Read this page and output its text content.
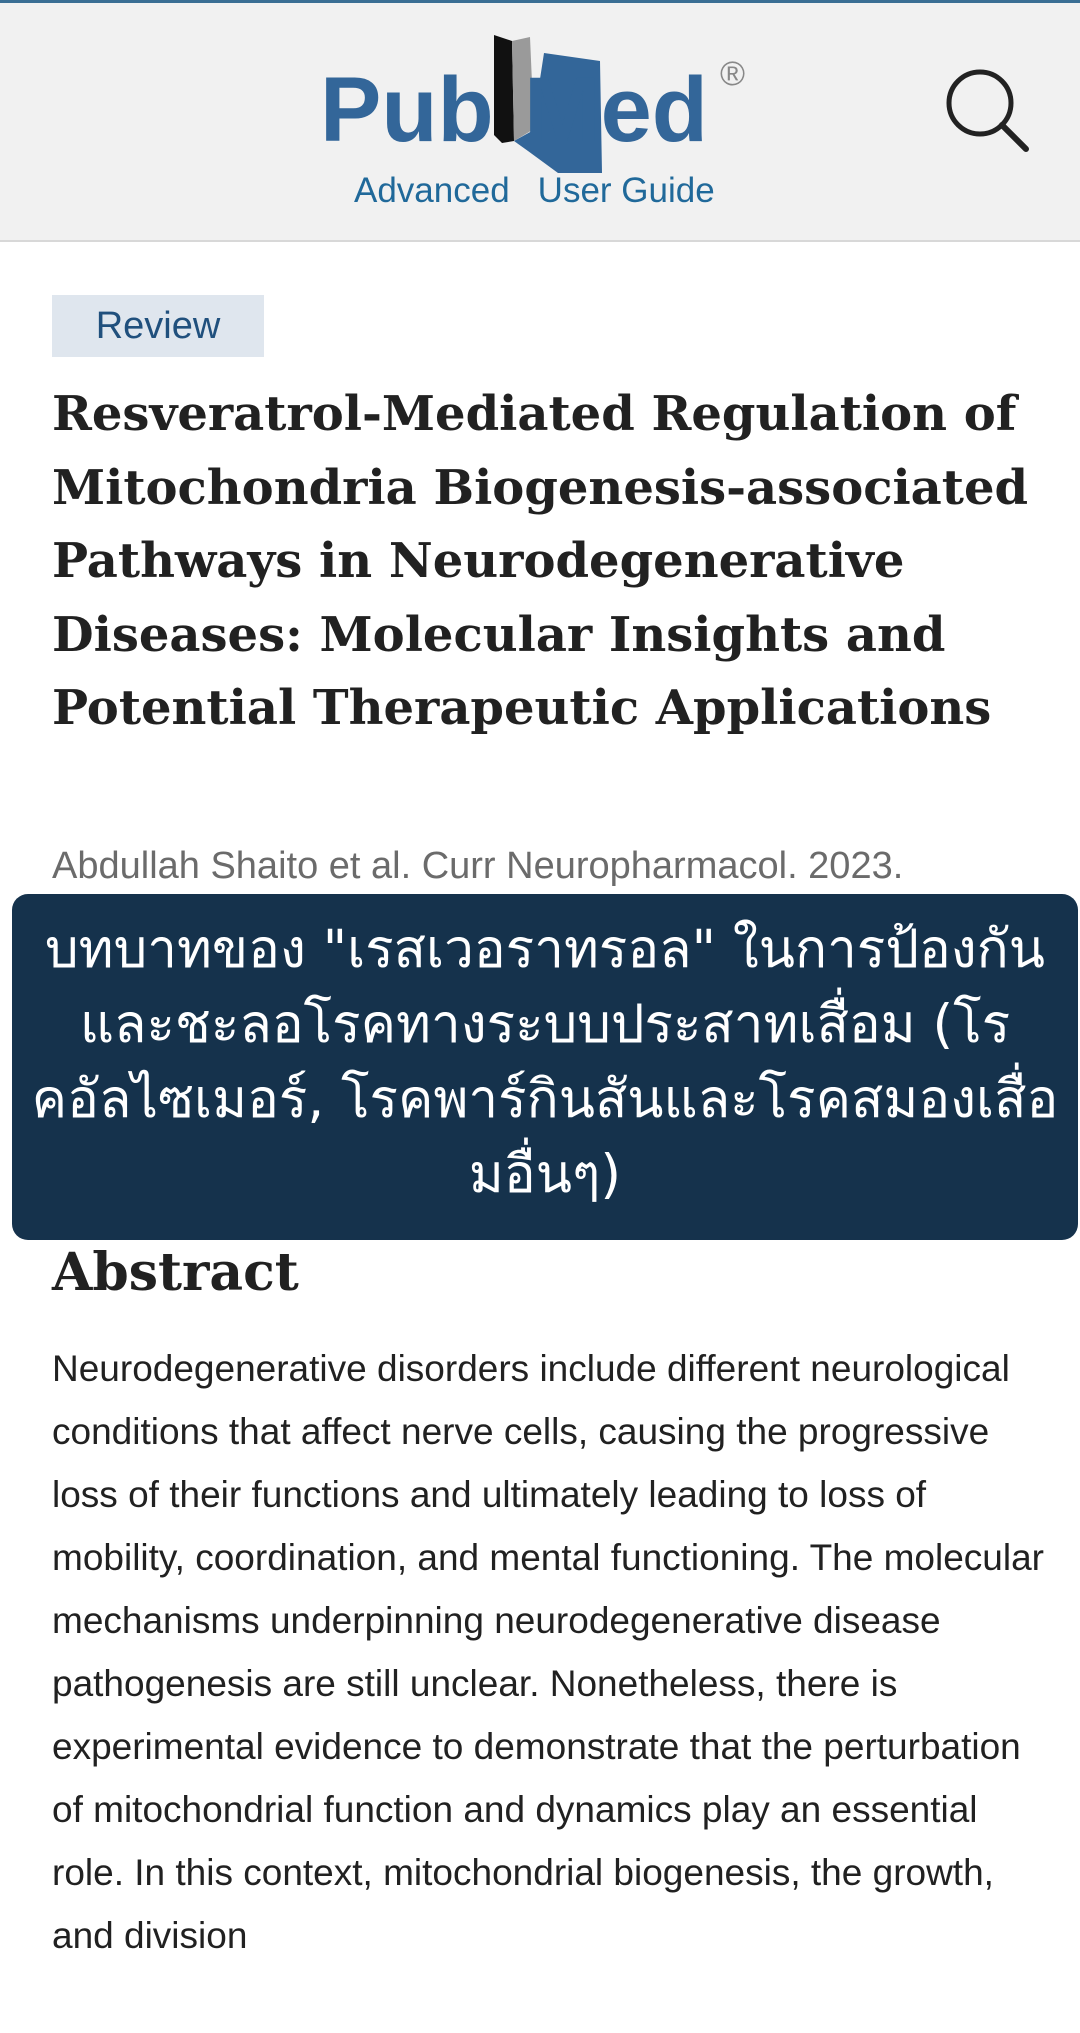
Pub Med ®
Advanced User Guide
Review
Resveratrol-Mediated Regulation of Mitochondria Biogenesis-associated Pathways in Neurodegenerative Diseases: Molecular Insights and Potential Therapeutic Applications
Abdullah Shaito et al. Curr Neuropharmacol. 2023.
บทบาทของ "เรสเวอราทรอล" ในการป้องกันและชะลอโรคทางระบบประสาทเสื่อม (โรคอัลไซเมอร์, โรคพาร์กินสันและโรคสมองเสื่อมอื่นๆ)
Abstract

Neurodegenerative disorders include different neurological conditions that affect nerve cells, causing the progressive loss of their functions and ultimately leading to loss of mobility, coordination, and mental functioning. The molecular mechanisms underpinning neurodegenerative disease pathogenesis are still unclear. Nonetheless, there is experimental evidence to demonstrate that the perturbation of mitochondrial function and dynamics play an essential role. In this context, mitochondrial biogenesis, the growth, and division
